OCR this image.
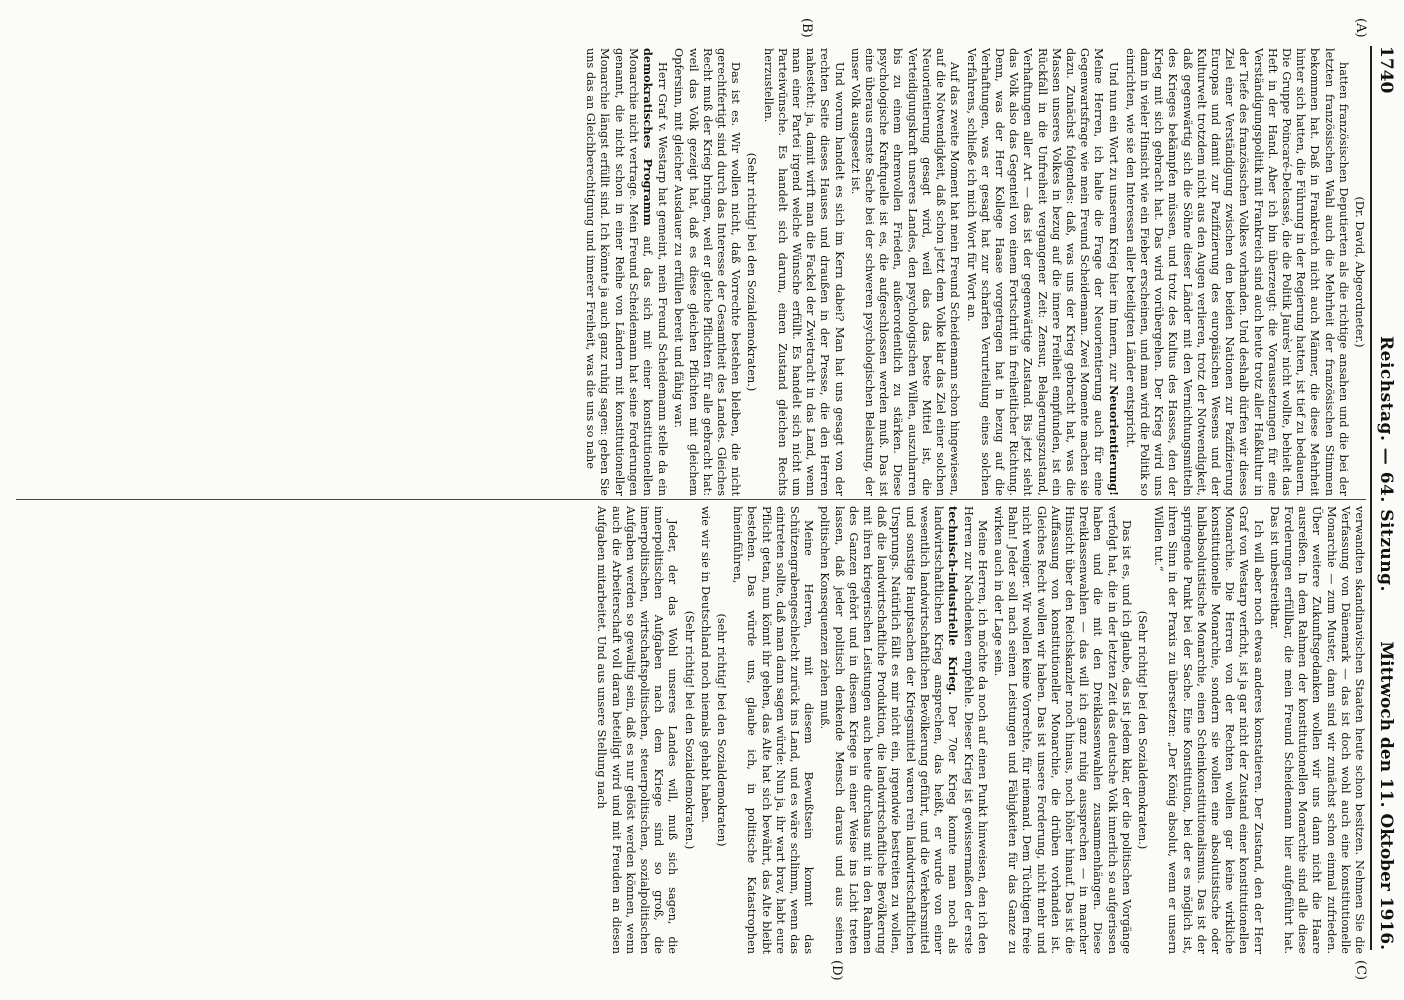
1740
Reichstag. — 64. Sitzung.
Mittwoch den 11. Oktober 1916.
(A)
(B)
(C)
(D)

(Dr. David, Abgeordneter.)

hatten französischen Deputierten als die richtige ansahen und die bei der letzten französischen Wahl auch die Mehrheit der französischen Stimmen bekommen hat. Daß in Frankreich nicht auch Männer, die diese Mehrheit hinter sich hatten, die Führung in der Regierung hatten, ist tief zu bedauern. Die Gruppe Poincaré-Delcassé, die die Politik Jaurès' nicht wollte, behielt das Heft in der Hand. Aber ich bin überzeugt: die Voraussetzungen für eine Verständigungspolitik mit Frankreich sind auch heute trotz aller Haßkultur in der Tiefe des französischen Volkes vorhanden. Und deshalb dürfen wir dieses Ziel einer Verständigung zwischen den beiden Nationen zur Pazifizierung Europas und damit zur Pazifizierung des europäischen Wesens und der Kulturwelt trotzdem nicht aus den Augen verlieren, trotz der Notwendigkeit, daß gegenwärtig sich die Söhne dieser Länder mit den Vernichtungsmitteln des Krieges bekämpfen müssen, und trotz des Kultus des Hasses, den der Krieg mit sich gebracht hat. Das wird vorübergehen. Der Krieg wird uns dann in vieler Hinsicht wie ein Fieber erscheinen, und man wird die Politik so einrichten, wie sie den Interessen aller beteiligten Länder entspricht.

Und nun ein Wort zu unserem Krieg hier im Innern, zur Neuorientierung! Meine Herren, ich halte die Frage der Neuorientierung auch für eine Gegenwartsfrage wie mein Freund Scheidemann. Zwei Momente machen sie dazu. Zunächst folgendes: daß, was uns der Krieg gebracht hat, was die Massen unseres Volkes in bezug auf die innere Freiheit empfunden, ist ein Rückfall in die Unfreiheit vergangener Zeit: Zensur, Belagerungszustand, Verhaftungen aller Art — das ist der gegenwärtige Zustand. Bis jetzt sieht das Volk also das Gegenteil von einem Fortschritt in freiheitlicher Richtung. Denn, was der Herr Kollege Haase vorgetragen hat in bezug auf die Verhaftungen, was er gesagt hat zur scharfen Verurteilung eines solchen Verfahrens, schließe ich mich Wort für Wort an.

Auf das zweite Moment hat mein Freund Scheidemann schon hingewiesen, auf die Notwendigkeit, daß schon jetzt dem Volke klar das Ziel einer solchen Neuorientierung gesagt wird, weil das das beste Mittel ist, die Verteidigungskraft unseres Landes, den psychologischen Willen, auszuharren bis zu einem ehrenvollen Frieden, außerordentlich zu stärken. Diese psychologische Kraftquelle ist es, die aufgeschlossen werden muß. Das ist eine überaus ernste Sache bei der schweren psychologischen Belastung, der unser Volk ausgesetzt ist.

Und worum handelt es sich im Kern dabei? Man hat uns gesagt von der rechten Seite dieses Hauses und draußen in der Presse, die den Herren nahesteht: ja, damit wirft man die Fackel der Zwietracht in das Land, wenn man einer Partei irgend welche Wünsche erfüllt. Es handelt sich nicht um Parteiwünsche. Es handelt sich darum, einen Zustand gleichen Rechts herzustellen.

(Sehr richtig! bei den Sozialdemokraten.)

Das ist es. Wir wollen nicht, daß Vorrechte bestehen bleiben, die nicht gerechtfertigt sind durch das Interesse der Gesamtheit des Landes. Gleiches Recht muß der Krieg bringen, weil er gleiche Pflichten für alle gebracht hat: weil das Volk gezeigt hat, daß es diese gleichen Pflichten mit gleichem Opfersinn, mit gleicher Ausdauer zu erfüllen bereit und fähig war.

Herr Graf v. Westarp hat gemeint, mein Freund Scheidemann stelle da ein demokratisches Programm auf, das sich mit einer konstitutionellen Monarchie nicht vertrage. Mein Freund Scheidemann hat seine Forderungen genannt, die nicht schon in einer Reihe von Ländern mit konstitutioneller Monarchie längst erfüllt sind. Ich könnte ja auch ganz ruhig sagen: geben Sie uns das an Gleichberechtigung und innerer Freiheit, was die uns so nahe

verwandten skandinavischen Staaten heute schon besitzen. Nehmen Sie die Verfassung von Dänemark — das ist doch wohl auch eine konstitutionelle Monarchie — zum Muster, dann sind wir zunächst schon einmal zufrieden. Über weitere Zukunftsgedanken wollen wir uns dann nicht die Haare ausreißen. In dem Rahmen der konstitutionellen Monarchie sind alle diese Forderungen erfüllbar, die mein Freund Scheidemann hier aufgeführt hat. Das ist unbestreitbar.

Ich will aber noch etwas anderes konstatieren. Der Zustand, den der Herr Graf von Westarp verficht, ist ja gar nicht der Zustand einer konstitutionellen Monarchie. Die Herren von der Rechten wollen gar keine wirkliche konstitutionelle Monarchie, sondern sie wollen eine absolutistische oder halbabsolutistische Monarchie, einen Scheinkonstitutionalismus. Das ist der springende Punkt bei der Sache. Eine Konstitution, bei der es möglich ist, ihren Sinn in der Praxis zu übersetzen: „Der König absolut, wenn er unsern Willen tut.“

(Sehr richtig! bei den Sozialdemokraten.)

Das ist es, und ich glaube, das ist jedem klar, der die politischen Vorgänge verfolgt hat, die in der letzten Zeit das deutsche Volk innerlich so aufgerissen haben und die mit den Dreiklassenwahlen zusammenhängen. Diese Dreiklassenwahlen — das will ich ganz ruhig aussprechen — in mancher Hinsicht über den Reichskanzler noch hinaus, noch höher hinauf. Das ist die Auffassung von konstitutioneller Monarchie, die drüben vorhanden ist. Gleiches Recht wollen wir haben. Das ist unsere Forderung, nicht mehr und nicht weniger. Wir wollen keine Vorrechte, für niemand. Dem Tüchtigen freie Bahn! Jeder soll nach seinen Leistungen und Fähigkeiten für das Ganze zu wirken auch in der Lage sein.

Meine Herren, ich möchte da noch auf einen Punkt hinweisen, den ich den Herren zur Nachdenken empfehle. Dieser Krieg ist gewissermaßen der erste technisch-industrielle Krieg. Der 70er Krieg konnte man noch als landwirtschaftlichen Krieg ansprechen, das heißt, er wurde von einer wesentlich landwirtschaftlichen Bevölkerung geführt, und die Verkehrsmittel und sonstige Hauptsachen der Kriegsmittel waren rein landwirtschaftlichen Ursprungs. Natürlich fällt es mir nicht ein, irgendwie bestreiten zu wollen, daß die landwirtschaftliche Produktion, die landwirtschaftliche Bevölkerung mit ihren kriegerischen Leistungen auch heute durchaus mit in den Rahmen des Ganzen gehört und in diesem Kriege in einer Weise ins Licht treten lassen, daß jeder politisch denkende Mensch daraus und aus seinen politischen Konsequenzen ziehen muß.

Meine Herren, mit diesem Bewußtsein kommt das Schützengrabengeschlecht zurück ins Land, und es wäre schlimm, wenn das eintreten sollte, daß man dann sagen würde: Nun ja, ihr wart brav, habt eure Pflicht getan, nun könnt ihr gehen, das Alte hat sich bewährt, das Alte bleibt bestehen. Das würde uns, glaube ich, in politische Katastrophen hineinführen,

(sehr richtig! bei den Sozialdemokraten)

wie wir sie in Deutschland noch niemals gehabt haben.

(Sehr richtig! bei den Sozialdemokraten.)

Jeder, der das Wohl unseres Landes will, muß sich sagen, die innerpolitischen Aufgaben nach dem Kriege sind so groß, die innerpolitischen, wirtschaftspolitischen, steuerpolitischen, sozialpolitischen Aufgaben werden so gewaltig sein, daß es nur gelöst werden können, wenn auch die Arbeiterschaft voll daran beteiligt wird und mit Freuden an diesen Aufgaben mitarbeitet. Und aus unsere Stellung nach
